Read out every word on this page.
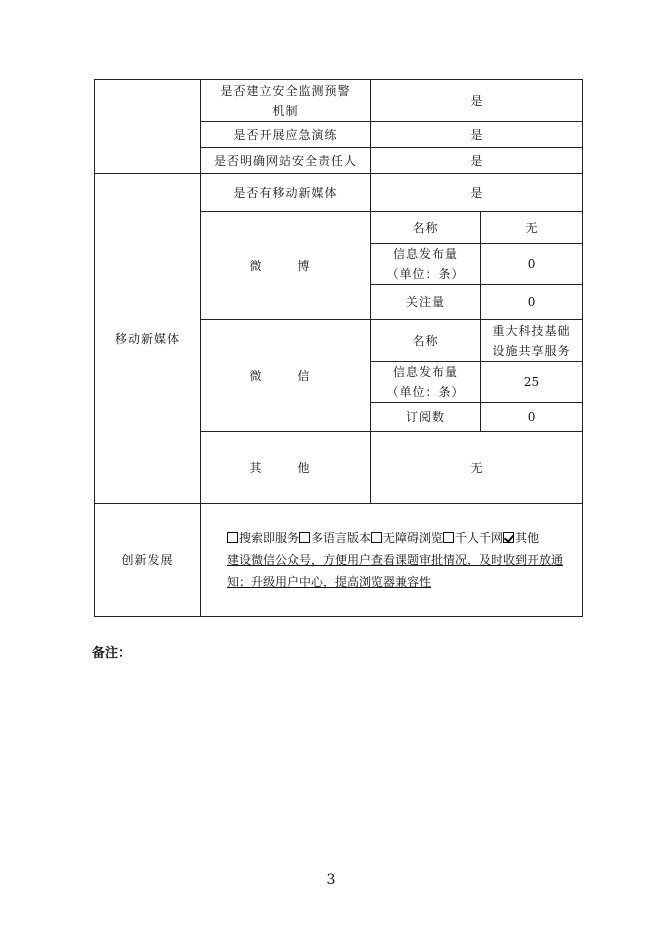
	是否建立安全监测预警机制	是	
	是否开展应急演练	是	
	是否明确网站安全责任人	是	
移动新媒体	是否有移动新媒体	是	
	微　博	名称	无
		信息发布量（单位：条）	0
		关注量	0
	微　信	名称	重大科技基础设施共享服务
		信息发布量（单位：条）	25
		订阅数	0
	其　他	无	
创新发展	搜索即服务 多语言版本 无障碍浏览 千人千网 其他
建设微信公众号，方便用户查看课题审批情况，及时收到开放通知；升级用户中心，提高浏览器兼容性		
备注：
3
